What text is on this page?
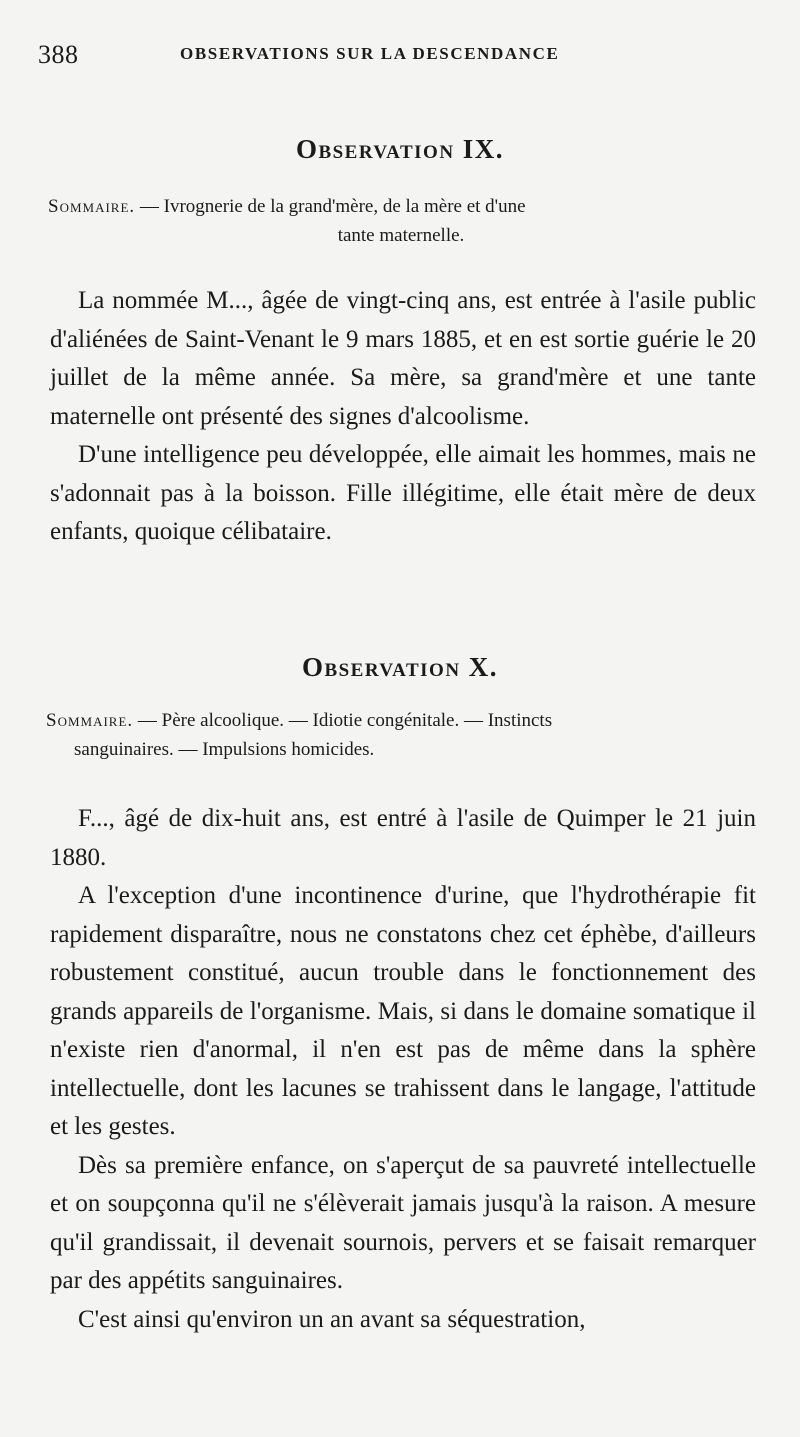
388	OBSERVATIONS SUR LA DESCENDANCE
Observation IX.
Sommaire. — Ivrognerie de la grand'mère, de la mère et d'une
tante maternelle.

La nommée M..., âgée de vingt-cinq ans, est entrée à l'asile public d'aliénées de Saint-Venant le 9 mars 1885, et en est sortie guérie le 20 juillet de la même année. Sa mère, sa grand'mère et une tante maternelle ont présenté des signes d'alcoolisme.

D'une intelligence peu développée, elle aimait les hommes, mais ne s'adonnait pas à la boisson. Fille illégitime, elle était mère de deux enfants, quoique célibataire.

Observation X.
Sommaire. — Père alcoolique. — Idiotie congénitale. — Instincts
sanguinaires. — Impulsions homicides.

F..., âgé de dix-huit ans, est entré à l'asile de Quimper le 21 juin 1880.

A l'exception d'une incontinence d'urine, que l'hydrothérapie fit rapidement disparaître, nous ne constatons chez cet éphèbe, d'ailleurs robustement constitué, aucun trouble dans le fonctionnement des grands appareils de l'organisme. Mais, si dans le domaine somatique il n'existe rien d'anormal, il n'en est pas de même dans la sphère intellectuelle, dont les lacunes se trahissent dans le langage, l'attitude et les gestes.

Dès sa première enfance, on s'aperçut de sa pauvreté intellectuelle et on soupçonna qu'il ne s'élèverait jamais jusqu'à la raison. A mesure qu'il grandissait, il devenait sournois, pervers et se faisait remarquer par des appétits sanguinaires.

C'est ainsi qu'environ un an avant sa séquestration,
